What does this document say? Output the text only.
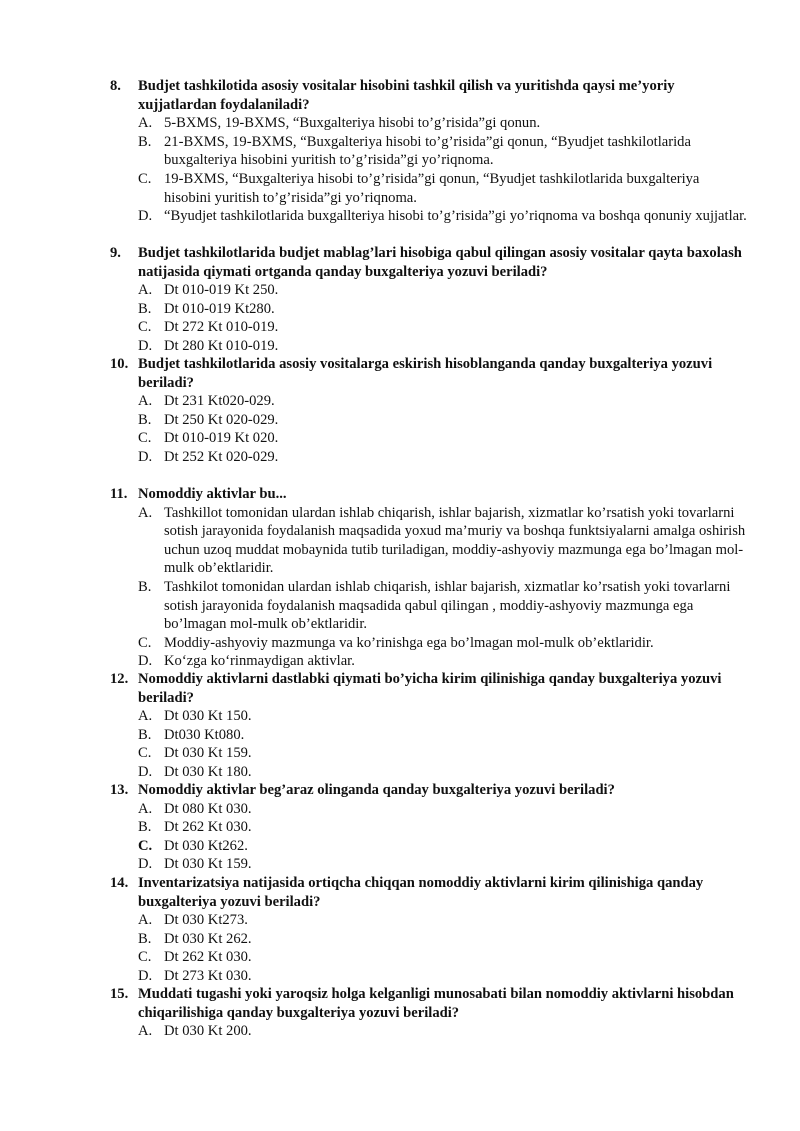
8.	Budjet tashkilotida asosiy vositalar hisobini tashkil qilish va yuritishda qaysi me’yoriy xujjatlardan foydalaniladi?
A. 5-BXMS, 19-BXMS, “Buxgalteriya hisobi to’g’risida”gi qonun.
B. 21-BXMS, 19-BXMS, “Buxgalteriya hisobi to’g’risida”gi qonun, “Byudjet tashkilotlarida buxgalteriya hisobini yuritish to’g’risida”gi yo’riqnoma.
C. 19-BXMS, “Buxgalteriya hisobi to’g’risida”gi qonun, “Byudjet tashkilotlarida buxgalteriya hisobini yuritish to’g’risida”gi yo’riqnoma.
D. “Byudjet tashkilotlarida buxgallteriya hisobi to’g’risida”gi yo’riqnoma va boshqa qonuniy xujjatlar.
9.	Budjet tashkilotlarida budjet mablag’lari hisobiga qabul qilingan asosiy vositalar qayta baxolash natijasida qiymati ortganda qanday buxgalteriya yozuvi beriladi?
A. Dt 010-019 Kt 250.
B. Dt 010-019 Kt280.
C. Dt 272 Kt 010-019.
D. Dt 280 Kt 010-019.
10. Budjet tashkilotlarida asosiy vositalarga eskirish hisoblanganda qanday buxgalteriya yozuvi beriladi?
A. Dt 231 Kt020-029.
B. Dt 250 Kt 020-029.
C. Dt 010-019 Kt 020.
D. Dt 252 Kt 020-029.
11. Nomoddiy aktivlar bu...
A. Tashkillot tomonidan ulardan ishlab chiqarish, ishlar bajarish, xizmatlar ko’rsatish yoki tovarlarni sotish jarayonida foydalanish maqsadida yoxud ma’muriy va boshqa funktsiyalarni amalga oshirish uchun uzoq muddat mobaynida tutib turiladigan, moddiy-ashyoviy mazmunga ega bo’lmagan mol-mulk ob’ektlaridir.
B. Tashkilot tomonidan ulardan ishlab chiqarish, ishlar bajarish, xizmatlar ko’rsatish yoki tovarlarni sotish jarayonida foydalanish maqsadida qabul qilingan , moddiy-ashyoviy mazmunga ega bo’lmagan mol-mulk ob’ektlaridir.
C. Moddiy-ashyoviy mazmunga va ko’rinishga ega bo’lmagan mol-mulk ob’ektlaridir.
D. Ko‘zga ko‘rinmaydigan aktivlar.
12. Nomoddiy aktivlarni dastlabki qiymati bo’yicha kirim qilinishiga qanday buxgalteriya yozuvi beriladi?
A. Dt 030 Kt 150.
B. Dt030 Kt080.
C. Dt 030 Kt 159.
D. Dt 030 Kt 180.
13. Nomoddiy aktivlar beg’araz olinganda qanday buxgalteriya yozuvi beriladi?
A. Dt 080 Kt 030.
B. Dt 262 Kt 030.
C. Dt 030 Kt262.
D. Dt 030 Kt 159.
14. Inventarizatsiya natijasida ortiqcha chiqqan nomoddiy aktivlarni kirim qilinishiga qanday buxgalteriya yozuvi beriladi?
A. Dt 030 Kt273.
B. Dt 030 Kt 262.
C. Dt 262 Kt 030.
D. Dt 273 Kt 030.
15. Muddati tugashi yoki yaroqsiz holga kelganligi munosabati bilan nomoddiy aktivlarni hisobdan chiqarilishiga qanday buxgalteriya yozuvi beriladi?
A. Dt 030 Kt 200.
